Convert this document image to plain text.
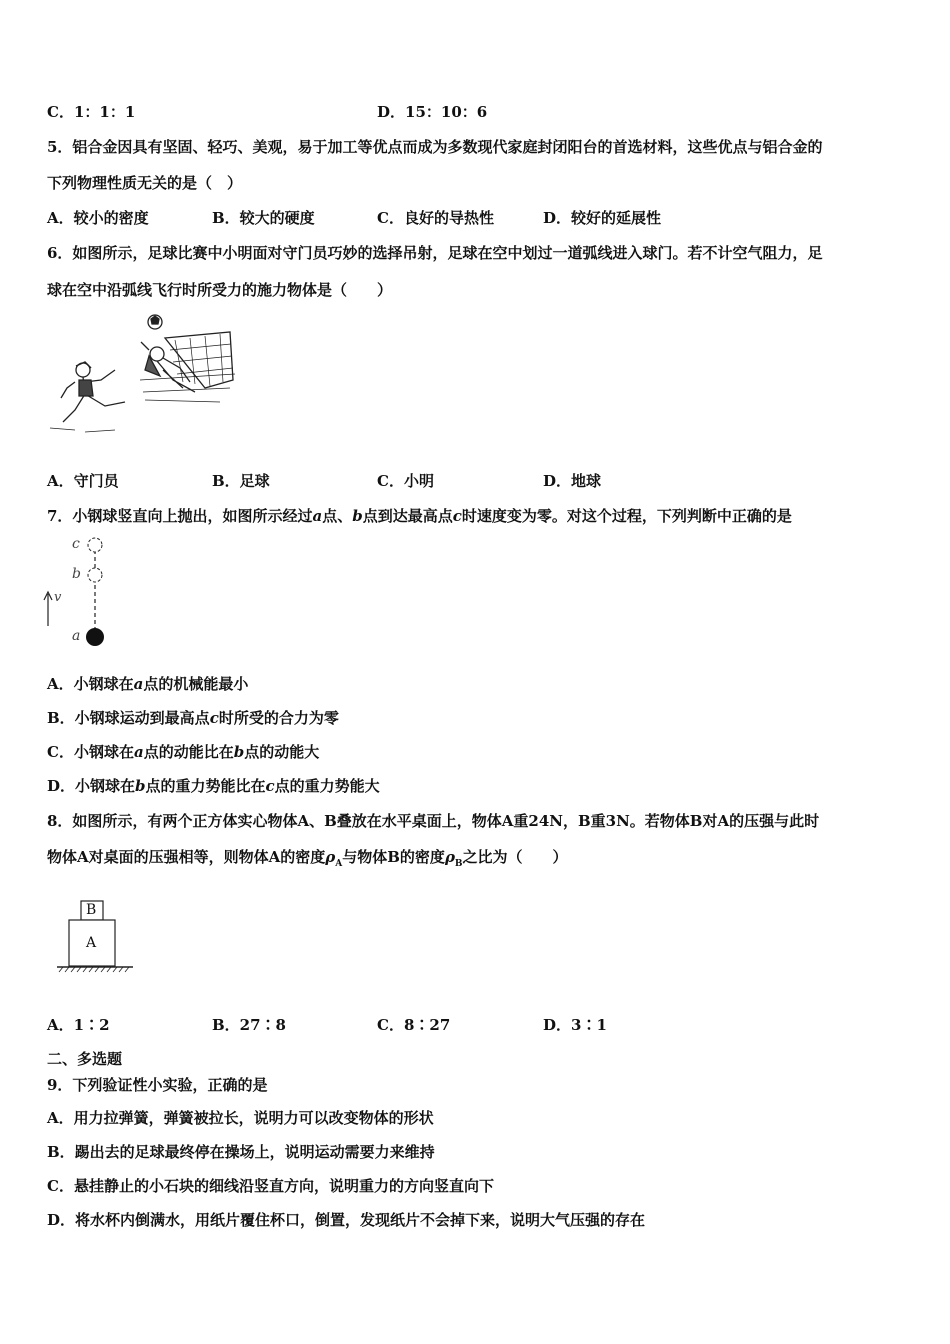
C．1：1：1	D．15：10：6
5．铝合金因具有坚固、轻巧、美观，易于加工等优点而成为多数现代家庭封闭阳台的首选材料，这些优点与铝合金的
下列物理性质无关的是（　）
A．较小的密度	B．较大的硬度	C．良好的导热性	D．较好的延展性
6．如图所示，足球比赛中小明面对守门员巧妙的选择吊射，足球在空中划过一道弧线进入球门。若不计空气阻力，足
球在空中沿弧线飞行时所受力的施力物体是（　　）
A．守门员	B．足球	C．小明	D．地球
7．小钢球竖直向上抛出，如图所示经过a点、b点到达最高点c时速度变为零。对这个过程，下列判断中正确的是
c
b
v
a
A．小钢球在a点的机械能最小
B．小钢球运动到最高点c时所受的合力为零
C．小钢球在a点的动能比在b点的动能大
D．小钢球在b点的重力势能比在c点的重力势能大
8．如图所示，有两个正方体实心物体A、B叠放在水平桌面上，物体A重24N，B重3N。若物体B对A的压强与此时
物体A对桌面的压强相等，则物体A的密度$\rho_A$与物体B的密度$\rho_B$之比为（　　）
B
A
A．1∶2	B．27∶8	C．8∶27	D．3∶1
二、多选题
9．下列验证性小实验，正确的是
A．用力拉弹簧，弹簧被拉长，说明力可以改变物体的形状
B．踢出去的足球最终停在操场上，说明运动需要力来维持
C．悬挂静止的小石块的细线沿竖直方向，说明重力的方向竖直向下
D．将水杯内倒满水，用纸片覆住杯口，倒置，发现纸片不会掉下来，说明大气压强的存在
